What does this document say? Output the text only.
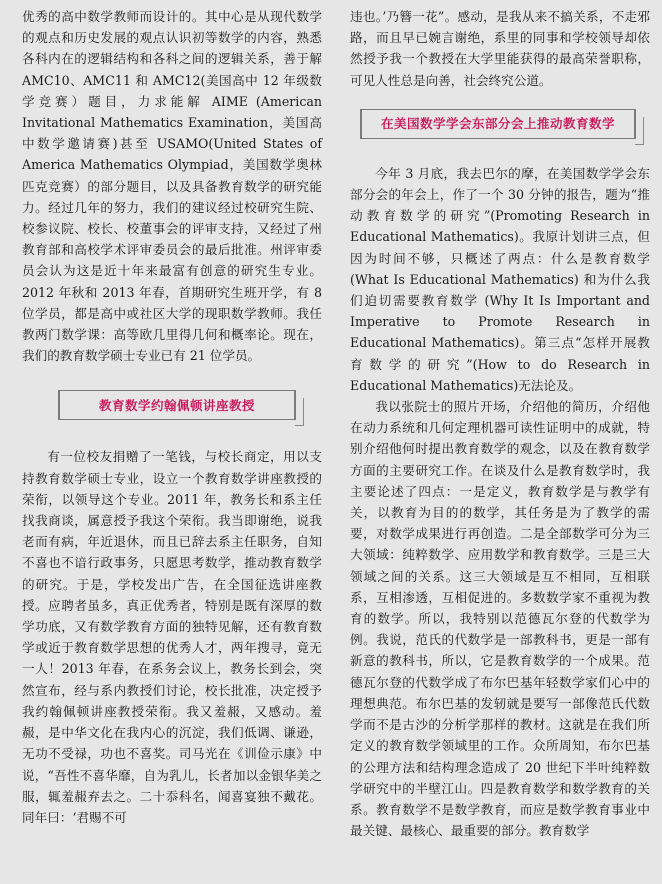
优秀的高中数学教师而设计的。其中心是从现代数学的观点和历史发展的观点认识初等数学的内容，熟悉各科内在的逻辑结构和各科之间的逻辑关系，善于解 AMC10、AMC11 和 AMC12(美国高中 12 年级数学竞赛）题目，力求能解 AIME (American Invitational Mathematics Examination，美国高中数学邀请赛)甚至 USAMO(United States of America Mathematics Olympiad，美国数学奥林匹克竞赛）的部分题目，以及具备教育数学的研究能力。经过几年的努力，我们的建议经过校研究生院、校参议院、校长、校董事会的评审支持，又经过了州教育部和高校学术评审委员会的最后批准。州评审委员会认为这是近十年来最富有创意的研究生专业。2012 年秋和 2013 年春，首期研究生班开学，有 8 位学员，都是高中或社区大学的现职数学教师。我任教两门数学课：高等欧几里得几何和概率论。现在，我们的教育数学硕士专业已有 21 位学员。

教育数学约翰佩顿讲座教授

有一位校友捐赠了一笔钱，与校长商定，用以支持教育数学硕士专业，设立一个教育数学讲座教授的荣衔，以领导这个专业。2011 年，教务长和系主任找我商谈，属意授予我这个荣衔。我当即谢绝，说我老而有病，年近退休，而且已辞去系主任职务，自知不喜也不谙行政事务，只愿思考数学，推动教育数学的研究。于是，学校发出广告，在全国征选讲座教授。应聘者虽多，真正优秀者，特别是既有深厚的数学功底，又有数学教育方面的独特见解，还有教育数学或近于教育数学思想的优秀人才，两年搜寻，竟无一人！2013 年春，在系务会议上，教务长到会，突然宣布，经与系内教授们讨论，校长批准，决定授予我约翰佩顿讲座教授荣衔。我又羞赧，又感动。羞赧，是中华文化在我内心的沉淀，我们低调、谦逊，无功不受禄，功也不喜奖。司马光在《训俭示康》中说，“吾性不喜华靡，自为乳儿，长者加以金银华美之服，辄羞赧弃去之。二十忝科名，闻喜宴独不戴花。同年曰：‘君赐不可

违也。’乃簪一花”。感动，是我从来不搞关系，不走邪路，而且早已婉言谢绝，系里的同事和学校领导却依然授予我一个教授在大学里能获得的最高荣誉职称，可见人性总是向善，社会终究公道。

在美国数学学会东部分会上推动教育数学

今年 3 月底，我去巴尔的摩，在美国数学学会东部分会的年会上，作了一个 30 分钟的报告，题为“推动教育数学的研究”(Promoting Research in Educational Mathematics)。我原计划讲三点，但因为时间不够，只概述了两点：什么是教育数学(What Is Educational Mathematics) 和为什么我们迫切需要教育数学 (Why It Is Important and Imperative to Promote Research in Educational Mathematics)。第三点“怎样开展教育数学的研究”(How to do Research in Educational Mathematics)无法论及。

我以张院士的照片开场，介绍他的简历，介绍他在动力系统和几何定理机器可读性证明中的成就，特别介绍他何时提出教育数学的观念，以及在教育数学方面的主要研究工作。在谈及什么是教育数学时，我主要论述了四点：一是定义，教育数学是与教学有关，以教育为目的的数学，其任务是为了教学的需要，对数学成果进行再创造。二是全部数学可分为三大领域：纯粹数学、应用数学和教育数学。三是三大领域之间的关系。这三大领域是互不相同，互相联系，互相渗透，互相促进的。多数数学家不重视为教育的数学。所以，我特别以范德瓦尔登的代数学为例。我说，范氏的代数学是一部教科书，更是一部有新意的教科书，所以，它是教育数学的一个成果。范德瓦尔登的代数学成了布尔巴基年轻数学家们心中的理想典范。布尔巴基的发轫就是要写一部像范氏代数学而不是古沙的分析学那样的教材。这就是在我们所定义的教育数学领域里的工作。众所周知，布尔巴基的公理方法和结构理念造成了 20 世纪下半叶纯粹数学研究中的半壁江山。四是教育数学和数学教育的关系。教育数学不是数学教育，而应是数学教育事业中最关键、最核心、最重要的部分。教育数学
